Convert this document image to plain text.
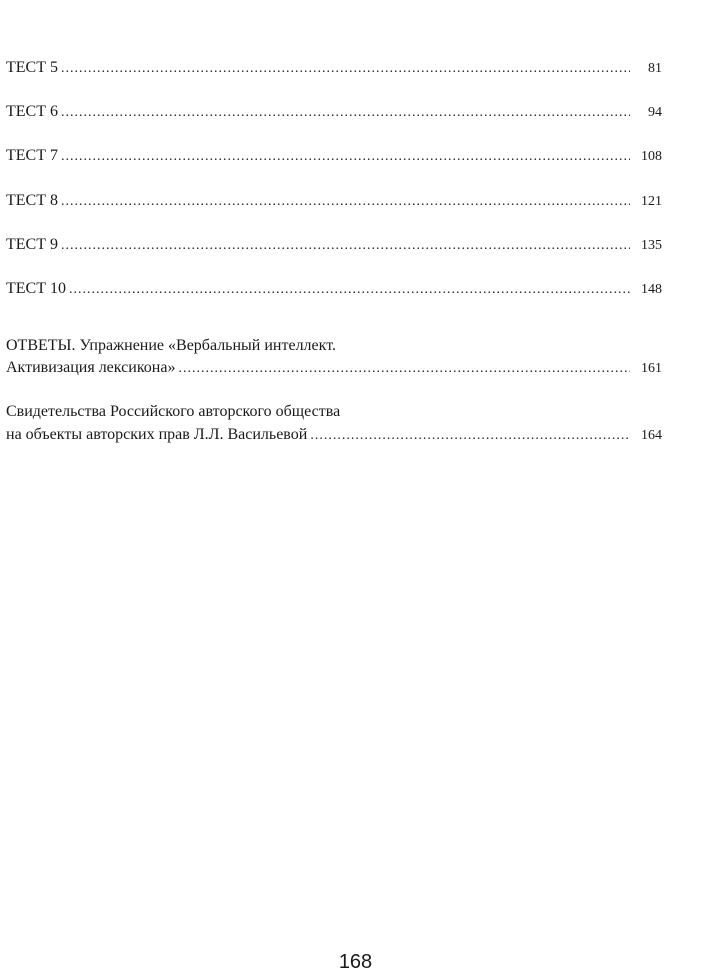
ТЕСТ 5 .....	81
ТЕСТ 6 .....	94
ТЕСТ 7 .....	108
ТЕСТ 8 .....	121
ТЕСТ 9 .....	135
ТЕСТ 10 .....	148
ОТВЕТЫ. Упражнение «Вербальный интеллект.
Активизация лексикона» .....	161
Свидетельства Российского авторского общества
на объекты авторских прав Л.Л. Васильевой .....	164
168
